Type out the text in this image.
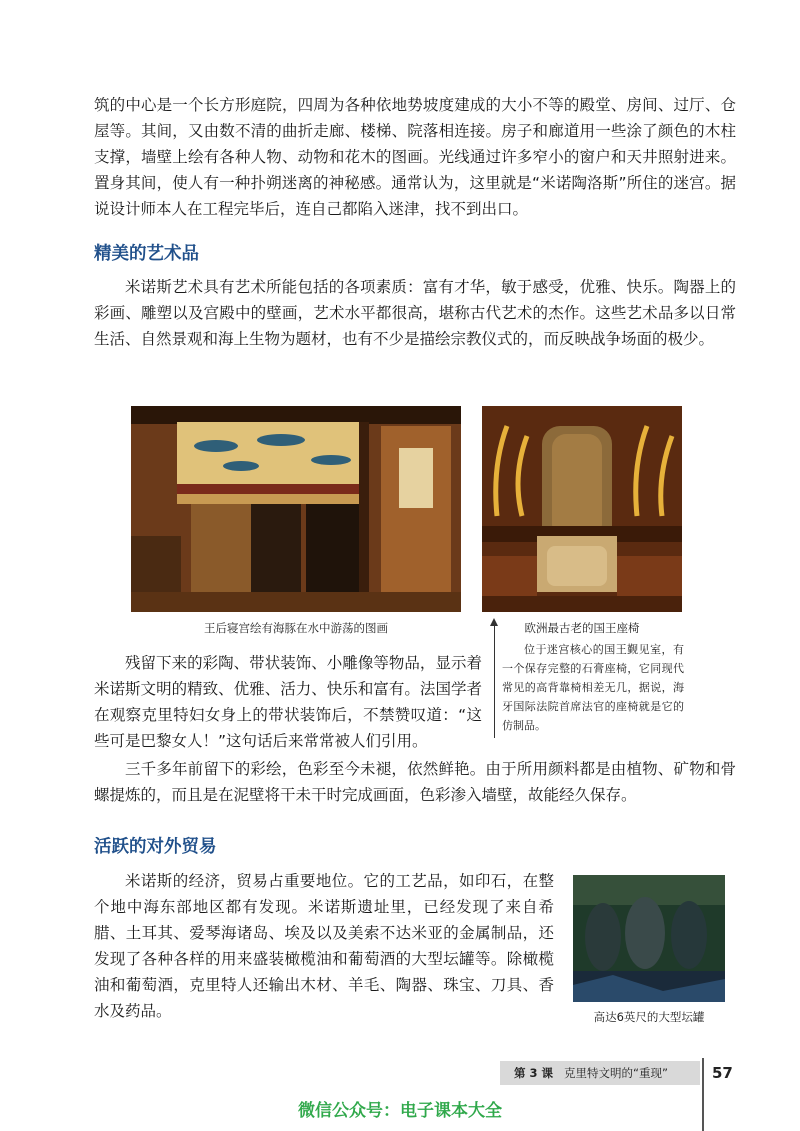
筑的中心是一个长方形庭院，四周为各种依地势坡度建成的大小不等的殿堂、房间、过厅、仓屋等。其间，又由数不清的曲折走廊、楼梯、院落相连接。房子和廊道用一些涂了颜色的木柱支撑，墙壁上绘有各种人物、动物和花木的图画。光线通过许多窄小的窗户和天井照射进来。置身其间，使人有一种扑朔迷离的神秘感。通常认为，这里就是“米诺陶洛斯”所住的迷宫。据说设计师本人在工程完毕后，连自己都陷入迷津，找不到出口。

精美的艺术品

米诺斯艺术具有艺术所能包括的各项素质：富有才华，敏于感受，优雅、快乐。陶器上的彩画、雕塑以及宫殿中的壁画，艺术水平都很高，堪称古代艺术的杰作。这些艺术品多以日常生活、自然景观和海上生物为题材，也有不少是描绘宗教仪式的，而反映战争场面的极少。

王后寝宫绘有海豚在水中游荡的图画	欧洲最古老的国王座椅

位于迷宫核心的国王觐见室，有一个保存完整的石膏座椅，它同现代常见的高背靠椅相差无几，据说，海牙国际法院首席法官的座椅就是它的仿制品。

残留下来的彩陶、带状装饰、小雕像等物品，显示着米诺斯文明的精致、优雅、活力、快乐和富有。法国学者在观察克里特妇女身上的带状装饰后，不禁赞叹道：“这些可是巴黎女人！”这句话后来常常被人们引用。

三千多年前留下的彩绘，色彩至今未褪，依然鲜艳。由于所用颜料都是由植物、矿物和骨螺提炼的，而且是在泥壁将干未干时完成画面，色彩渗入墙壁，故能经久保存。

活跃的对外贸易

米诺斯的经济，贸易占重要地位。它的工艺品，如印石，在整个地中海东部地区都有发现。米诺斯遗址里，已经发现了来自希腊、土耳其、爱琴海诸岛、埃及以及美索不达米亚的金属制品，还发现了各种各样的用来盛装橄榄油和葡萄酒的大型坛罐等。除橄榄油和葡萄酒，克里特人还输出木材、羊毛、陶器、珠宝、刀具、香水及药品。	高达6英尺的大型坛罐

第 3 课 克里特文明的“重现”	57

微信公众号：电子课本大全
